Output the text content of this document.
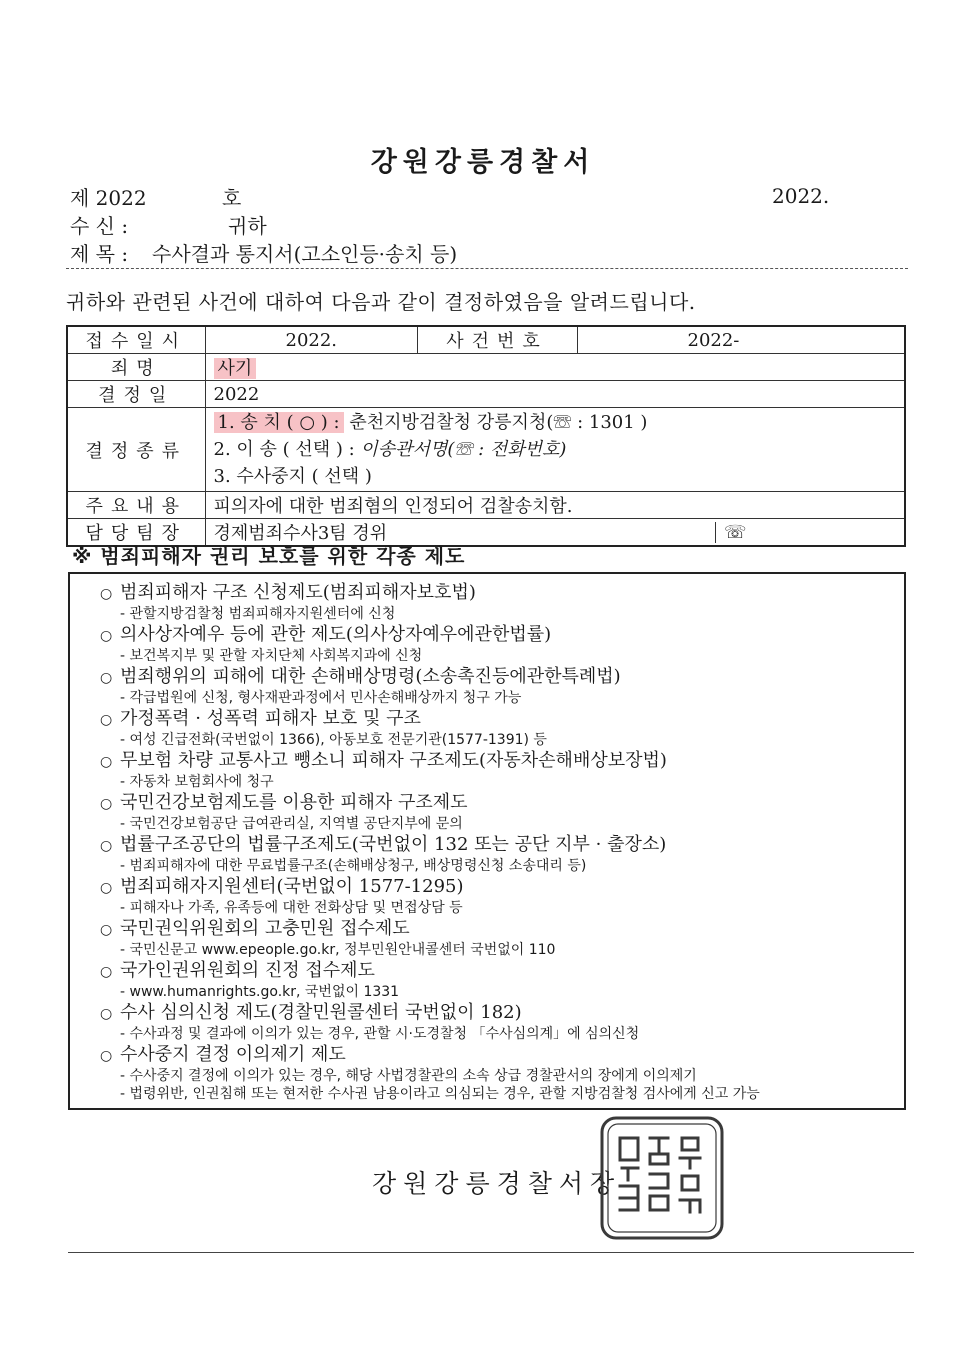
강원강릉경찰서
제 2022	호	2022.
수 신 :	귀하
제 목 : 수사결과 통지서(고소인등·송치 등)
귀하와 관련된 사건에 대하여 다음과 같이 결정하였음을 알려드립니다.
접수일시	2022.	사건번호	2022-
죄명	사기		
결정일	2022		
결정종류	1. 송 치 ( ○ ) : 춘천지방검찰청 강릉지청(☏ : 1301 )
2. 이 송 ( 선택 ) : 이송관서명(☏ : 전화번호)
3. 수사중지 ( 선택 )		

주요내용	피의자에 대한 범죄혐의 인정되어 검찰송치함.		
담당팀장	경제범죄수사3팀 경위		☏
※ 범죄피해자 권리 보호를 위한 각종 제도
○ 범죄피해자 구조 신청제도(범죄피해자보호법)
- 관할지방검찰청 범죄피해자지원센터에 신청
○ 의사상자예우 등에 관한 제도(의사상자예우에관한법률)
- 보건복지부 및 관할 자치단체 사회복지과에 신청
○ 범죄행위의 피해에 대한 손해배상명령(소송촉진등에관한특례법)
- 각급법원에 신청, 형사재판과정에서 민사손해배상까지 청구 가능
○ 가정폭력 · 성폭력 피해자 보호 및 구조
- 여성 긴급전화(국번없이 1366), 아동보호 전문기관(1577-1391) 등
○ 무보험 차량 교통사고 뺑소니 피해자 구조제도(자동차손해배상보장법)
- 자동차 보험회사에 청구
○ 국민건강보험제도를 이용한 피해자 구조제도
- 국민건강보험공단 급여관리실, 지역별 공단지부에 문의
○ 법률구조공단의 법률구조제도(국번없이 132 또는 공단 지부 · 출장소)
- 범죄피해자에 대한 무료법률구조(손해배상청구, 배상명령신청 소송대리 등)
○ 범죄피해자지원센터(국번없이 1577-1295)
- 피해자나 가족, 유족등에 대한 전화상담 및 면접상담 등
○ 국민권익위원회의 고충민원 접수제도
- 국민신문고 www.epeople.go.kr, 정부민원안내콜센터 국번없이 110
○ 국가인권위원회의 진정 접수제도
- www.humanrights.go.kr, 국번없이 1331
○ 수사 심의신청 제도(경찰민원콜센터 국번없이 182)
- 수사과정 및 결과에 이의가 있는 경우, 관할 시·도경찰청 「수사심의계」에 심의신청
○ 수사중지 결정 이의제기 제도
- 수사중지 결정에 이의가 있는 경우, 해당 사법경찰관의 소속 상급 경찰관서의 장에게 이의제기
- 법령위반, 인권침해 또는 현저한 수사권 남용이라고 의심되는 경우, 관할 지방검찰청 검사에게 신고 가능
강원강릉경찰서장
